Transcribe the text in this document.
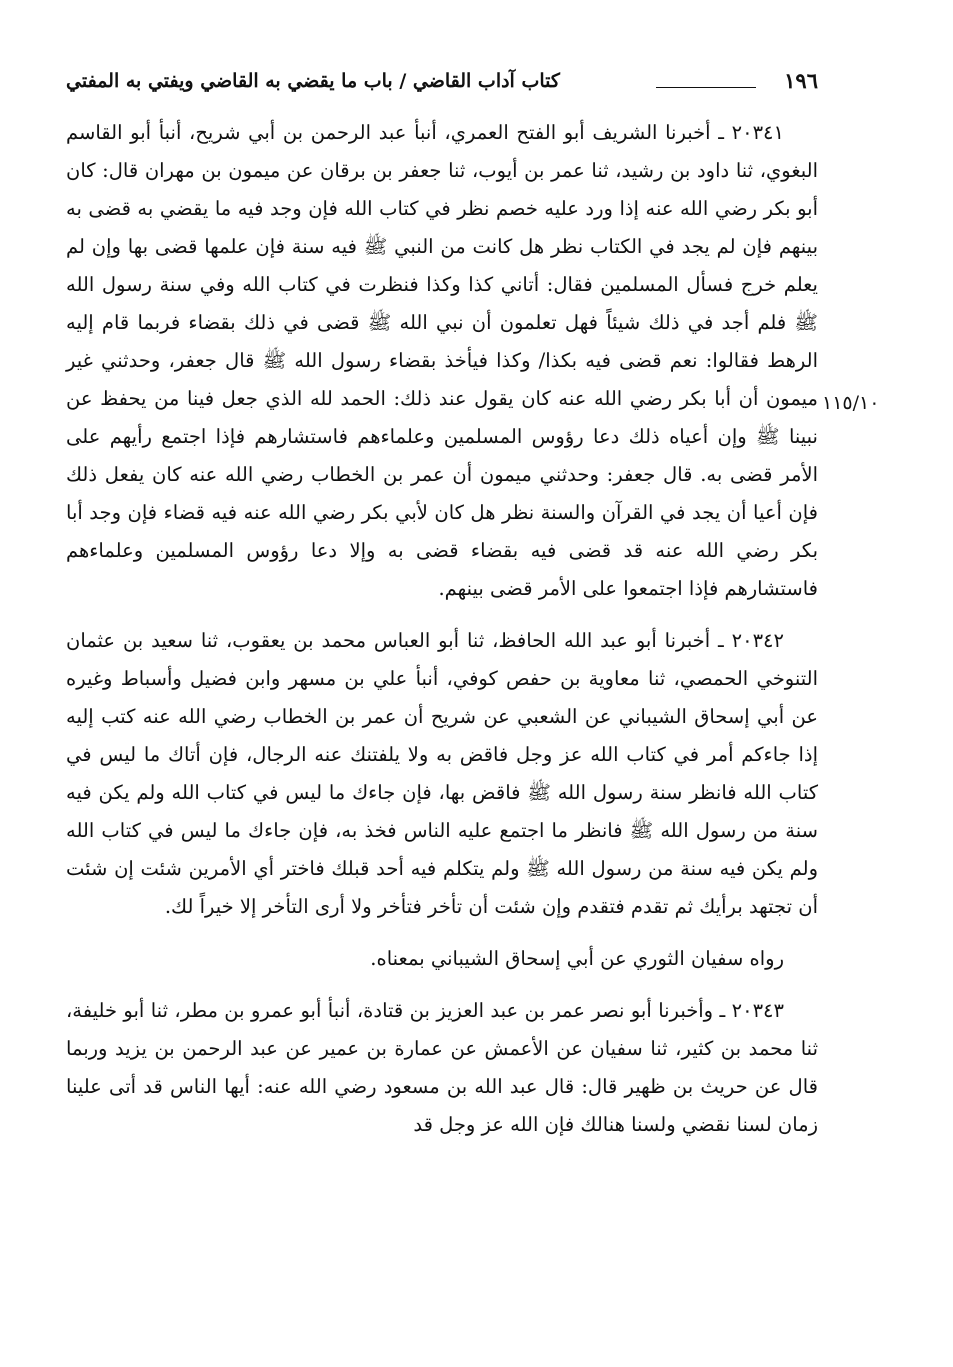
١٩٦
كتاب آداب القاضي / باب ما يقضي به القاضي ويفتي به المفتي
١١٥/١٠

٢٠٣٤١ ـ أخبرنا الشريف أبو الفتح العمري، أنبأ عبد الرحمن بن أبي شريح، أنبأ أبو القاسم البغوي، ثنا داود بن رشيد، ثنا عمر بن أيوب، ثنا جعفر بن برقان عن ميمون بن مهران قال: كان أبو بكر رضي الله عنه إذا ورد عليه خصم نظر في كتاب الله فإن وجد فيه ما يقضي به قضى به بينهم فإن لم يجد في الكتاب نظر هل كانت من النبي ﷺ فيه سنة فإن علمها قضى بها وإن لم يعلم خرج فسأل المسلمين فقال: أتاني كذا وكذا فنظرت في كتاب الله وفي سنة رسول الله ﷺ فلم أجد في ذلك شيئاً فهل تعلمون أن نبي الله ﷺ قضى في ذلك بقضاء فربما قام إليه الرهط فقالوا: نعم قضى فيه بكذا/ وكذا فيأخذ بقضاء رسول الله ﷺ قال جعفر، وحدثني غير ميمون أن أبا بكر رضي الله عنه كان يقول عند ذلك: الحمد لله الذي جعل فينا من يحفظ عن نبينا ﷺ وإن أعياه ذلك دعا رؤوس المسلمين وعلماءهم فاستشارهم فإذا اجتمع رأيهم على الأمر قضى به. قال جعفر: وحدثني ميمون أن عمر بن الخطاب رضي الله عنه كان يفعل ذلك فإن أعيا أن يجد في القرآن والسنة نظر هل كان لأبي بكر رضي الله عنه فيه قضاء فإن وجد أبا بكر رضي الله عنه قد قضى فيه بقضاء قضى به وإلا دعا رؤوس المسلمين وعلماءهم فاستشارهم فإذا اجتمعوا على الأمر قضى بينهم.

٢٠٣٤٢ ـ أخبرنا أبو عبد الله الحافظ، ثنا أبو العباس محمد بن يعقوب، ثنا سعيد بن عثمان التنوخي الحمصي، ثنا معاوية بن حفص كوفي، أنبأ علي بن مسهر وابن فضيل وأسباط وغيره عن أبي إسحاق الشيباني عن الشعبي عن شريح أن عمر بن الخطاب رضي الله عنه كتب إليه إذا جاءكم أمر في كتاب الله عز وجل فاقض به ولا يلفتنك عنه الرجال، فإن أتاك ما ليس في كتاب الله فانظر سنة رسول الله ﷺ فاقض بها، فإن جاءك ما ليس في كتاب الله ولم يكن فيه سنة من رسول الله ﷺ فانظر ما اجتمع عليه الناس فخذ به، فإن جاءك ما ليس في كتاب الله ولم يكن فيه سنة من رسول الله ﷺ ولم يتكلم فيه أحد قبلك فاختر أي الأمرين شئت إن شئت أن تجتهد برأيك ثم تقدم فتقدم وإن شئت أن تأخر فتأخر ولا أرى التأخر إلا خيراً لك.

رواه سفيان الثوري عن أبي إسحاق الشيباني بمعناه.

٢٠٣٤٣ ـ وأخبرنا أبو نصر عمر بن عبد العزيز بن قتادة، أنبأ أبو عمرو بن مطر، ثنا أبو خليفة، ثنا محمد بن كثير، ثنا سفيان عن الأعمش عن عمارة بن عمير عن عبد الرحمن بن يزيد وربما قال عن حريث بن ظهير قال: قال عبد الله بن مسعود رضي الله عنه: أيها الناس قد أتى علينا زمان لسنا نقضي ولسنا هنالك فإن الله عز وجل قد
